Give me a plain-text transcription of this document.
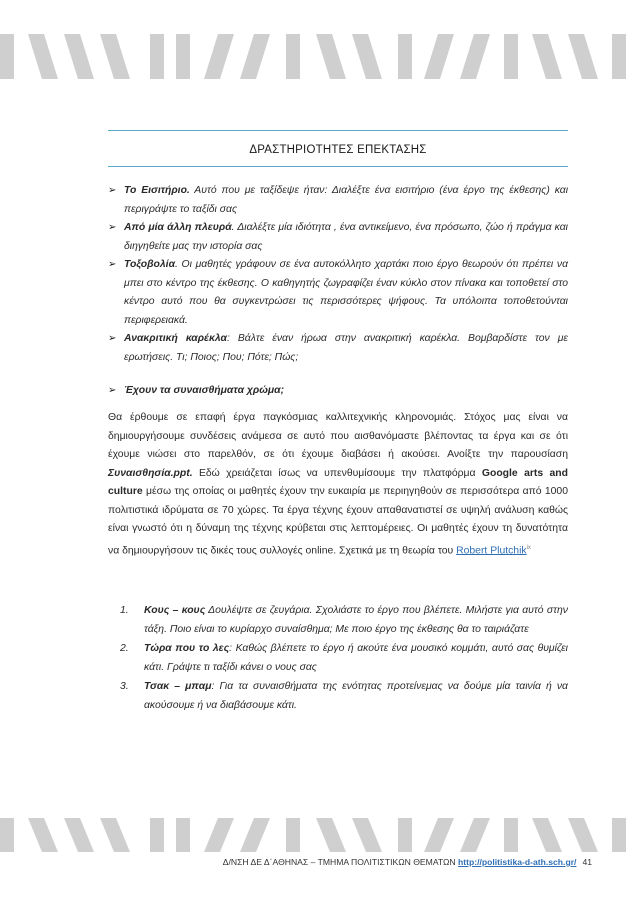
ΔΡΑΣΤΗΡΙΟΤΗΤΕΣ ΕΠΕΚΤΑΣΗΣ
➢ Το Εισιτήριο. Αυτό που με ταξίδεψε ήταν: Διαλέξτε ένα εισιτήριο (ένα έργο της έκθεσης) και περιγράψτε το ταξίδι σας
➢ Από μία άλλη πλευρά. Διαλέξτε μία ιδιότητα , ένα αντικείμενο, ένα πρόσωπο, ζώο ή πράγμα και διηγηθείτε μας την ιστορία σας
➢ Τοξοβολία. Οι μαθητές γράφουν σε ένα αυτοκόλλητο χαρτάκι ποιο έργο θεωρούν ότι πρέπει να μπει στο κέντρο της έκθεσης. Ο καθηγητής ζωγραφίζει έναν κύκλο στον πίνακα και τοποθετεί στο κέντρο αυτό που θα συγκεντρώσει τις περισσότερες ψήφους. Τα υπόλοιπα τοποθετούνται περιφερειακά.
➢ Ανακριτική καρέκλα: Βάλτε έναν ήρωα στην ανακριτική καρέκλα. Βομβαρδίστε τον με ερωτήσεις. Τι; Ποιος; Που; Πότε; Πώς;
➢ Έχουν τα συναισθήματα χρώμα;
Θα έρθουμε σε επαφή έργα παγκόσμιας καλλιτεχνικής κληρονομιάς. Στόχος μας είναι να δημιουργήσουμε συνδέσεις ανάμεσα σε αυτό που αισθανόμαστε βλέποντας τα έργα και σε ότι έχουμε νιώσει στο παρελθόν, σε ότι έχουμε διαβάσει ή ακούσει. Ανοίξτε την παρουσίαση Συναισθησία.ppt. Εδώ χρειάζεται ίσως να υπενθυμίσουμε την πλατφόρμα Google arts and culture μέσω της οποίας οι μαθητές έχουν την ευκαιρία με περιηγηθούν σε περισσότερα από 1000 πολιτιστικά ιδρύματα σε 70 χώρες. Τα έργα τέχνης έχουν απαθανατιστεί σε υψηλή ανάλυση καθώς είναι γνωστό ότι η δύναμη της τέχνης κρύβεται στις λεπτομέρειες. Οι μαθητές έχουν τη δυνατότητα να δημιουργήσουν τις δικές τους συλλογές online. Σχετικά με τη θεωρία του Robert Plutchik$^{ix}$
1. Κους – κους Δουλέψτε σε ζευγάρια. Σχολιάστε το έργο που βλέπετε. Μιλήστε για αυτό στην τάξη. Ποιο είναι το κυρίαρχο συναίσθημα; Με ποιο έργο της έκθεσης θα το ταιριάζατε
2. Τώρα που το λες: Καθώς βλέπετε το έργο ή ακούτε ένα μουσικό κομμάτι, αυτό σας θυμίζει κάτι. Γράψτε τι ταξίδι κάνει ο νους σας
3. Τσακ – μπαμ: Για τα συναισθήματα της ενότητας προτείνεμας να δούμε μία ταινία ή να ακούσουμε ή να διαβάσουμε κάτι.
Δ/ΝΣΗ ΔΕ Δ΄ΑΘΗΝΑΣ – ΤΜΗΜΑ ΠΟΛΙΤΙΣΤΙΚΩΝ ΘΕΜΑΤΩΝ http://politistika-d-ath.sch.gr/ 41
